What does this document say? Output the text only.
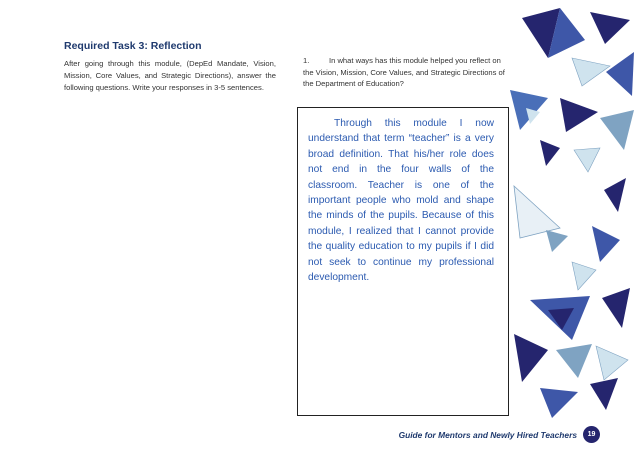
Required Task 3: Reflection

After going through this module, (DepEd Mandate, Vision, Mission, Core Values, and Strategic Directions), answer the following questions. Write your responses in 3-5 sentences.

1.	In what ways has this module helped you reflect on the Vision, Mission, Core Values, and Strategic Directions of the Department of Education?

Through this module I now understand that term “teacher” is a very broad definition. That his/her role does not end in the four walls of the classroom. Teacher is one of the important people who mold and shape the minds of the pupils. Because of this module, I realized that I cannot provide the quality education to my pupils if I did not seek to continue my professional development.

Guide for Mentors and Newly Hired Teachers	19
